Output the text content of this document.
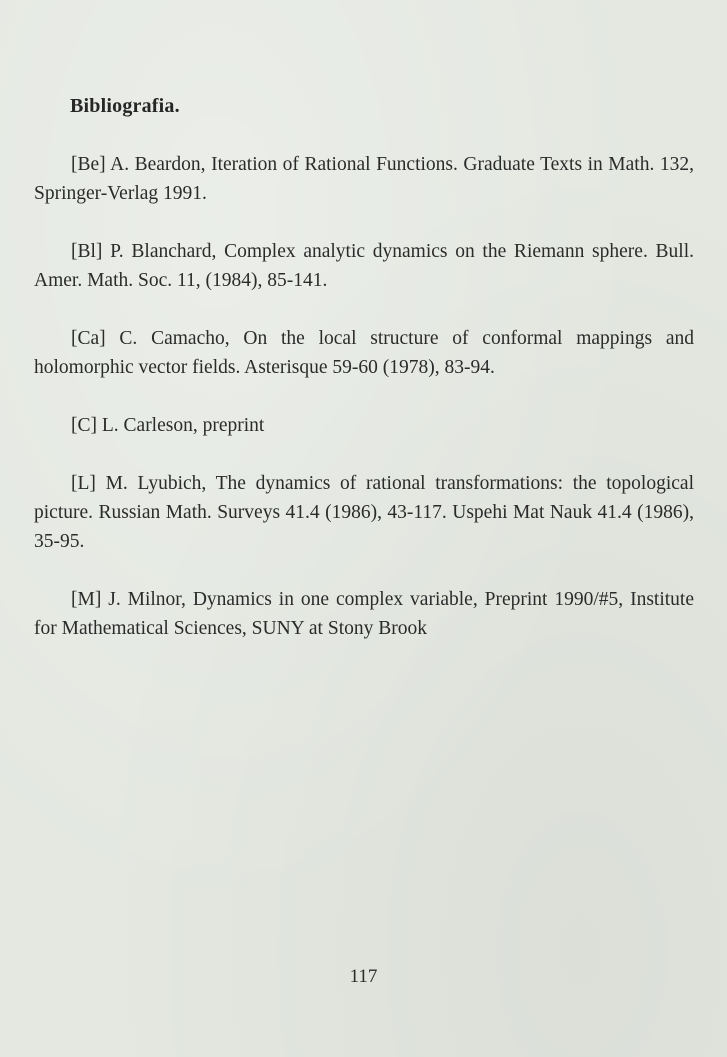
Bibliografia.

[Be] A. Beardon, Iteration of Rational Functions. Graduate Texts in Math. 132, Springer-Verlag 1991.

[Bl] P. Blanchard, Complex analytic dynamics on the Riemann sphere. Bull. Amer. Math. Soc. 11, (1984), 85-141.

[Ca] C. Camacho, On the local structure of conformal mappings and holomorphic vector fields. Asterisque 59-60 (1978), 83-94.

[C] L. Carleson, preprint

[L] M. Lyubich, The dynamics of rational transformations: the topological picture. Russian Math. Surveys 41.4 (1986), 43-117. Uspehi Mat Nauk 41.4 (1986), 35-95.

[M] J. Milnor, Dynamics in one complex variable, Preprint 1990/#5, Institute for Mathematical Sciences, SUNY at Stony Brook

117
